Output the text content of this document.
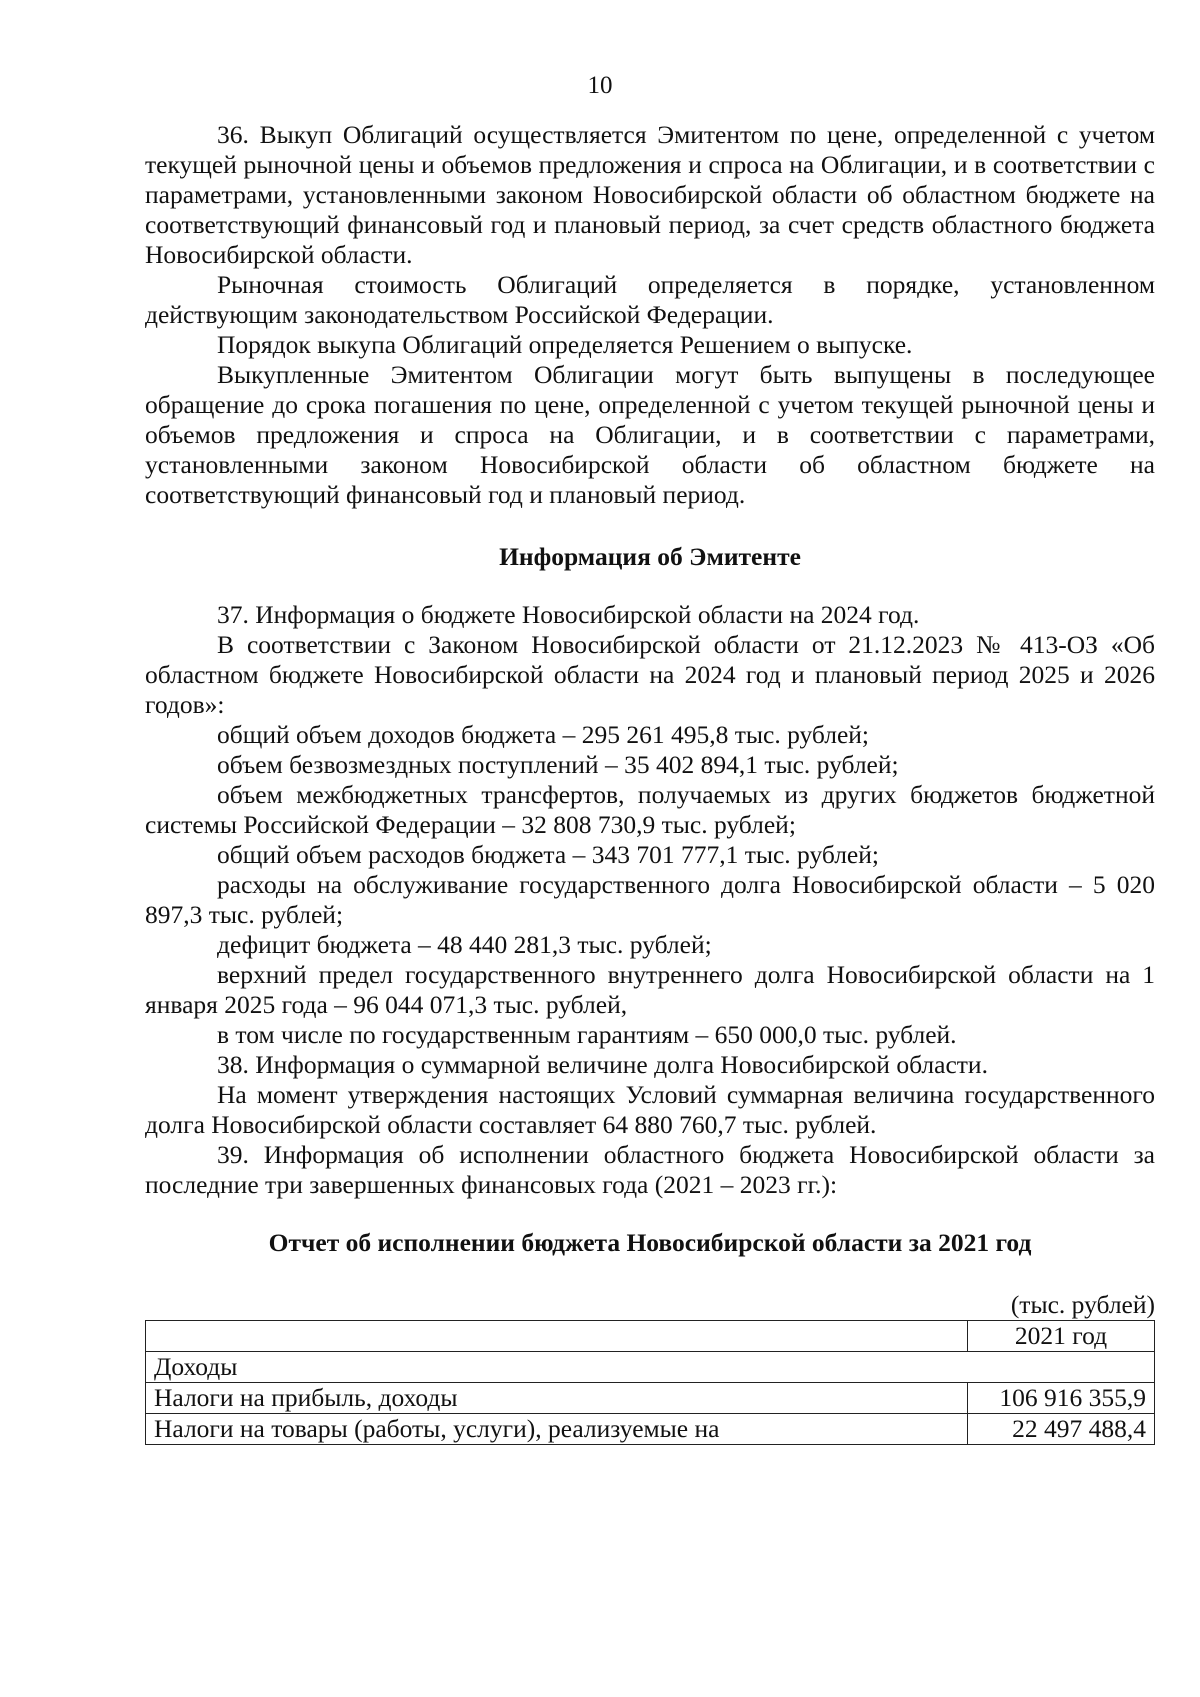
10

36. Выкуп Облигаций осуществляется Эмитентом по цене, определенной с учетом текущей рыночной цены и объемов предложения и спроса на Облигации, и в соответствии с параметрами, установленными законом Новосибирской области об областном бюджете на соответствующий финансовый год и плановый период, за счет средств областного бюджета Новосибирской области.

Рыночная стоимость Облигаций определяется в порядке, установленном действующим законодательством Российской Федерации.

Порядок выкупа Облигаций определяется Решением о выпуске.

Выкупленные Эмитентом Облигации могут быть выпущены в последующее обращение до срока погашения по цене, определенной с учетом текущей рыночной цены и объемов предложения и спроса на Облигации, и в соответствии с параметрами, установленными законом Новосибирской области об областном бюджете на соответствующий финансовый год и плановый период.

Информация об Эмитенте

37. Информация о бюджете Новосибирской области на 2024 год.

В соответствии с Законом Новосибирской области от 21.12.2023 № 413-ОЗ «Об областном бюджете Новосибирской области на 2024 год и плановый период 2025 и 2026 годов»:

общий объем доходов бюджета – 295 261 495,8 тыс. рублей;

объем безвозмездных поступлений – 35 402 894,1 тыс. рублей;

объем межбюджетных трансфертов, получаемых из других бюджетов бюджетной системы Российской Федерации – 32 808 730,9 тыс. рублей;

общий объем расходов бюджета – 343 701 777,1 тыс. рублей;

расходы на обслуживание государственного долга Новосибирской области – 5 020 897,3 тыс. рублей;

дефицит бюджета – 48 440 281,3 тыс. рублей;

верхний предел государственного внутреннего долга Новосибирской области на 1 января 2025 года – 96 044 071,3 тыс. рублей,

в том числе по государственным гарантиям – 650 000,0 тыс. рублей.

38. Информация о суммарной величине долга Новосибирской области.

На момент утверждения настоящих Условий суммарная величина государственного долга Новосибирской области составляет 64 880 760,7 тыс. рублей.

39. Информация об исполнении областного бюджета Новосибирской области за последние три завершенных финансовых года (2021 – 2023 гг.):

Отчет об исполнении бюджета Новосибирской области за 2021 год

(тыс. рублей)

	2021 год
Доходы	
Налоги на прибыль, доходы	106 916 355,9
Налоги на товары (работы, услуги), реализуемые на	22 497 488,4
